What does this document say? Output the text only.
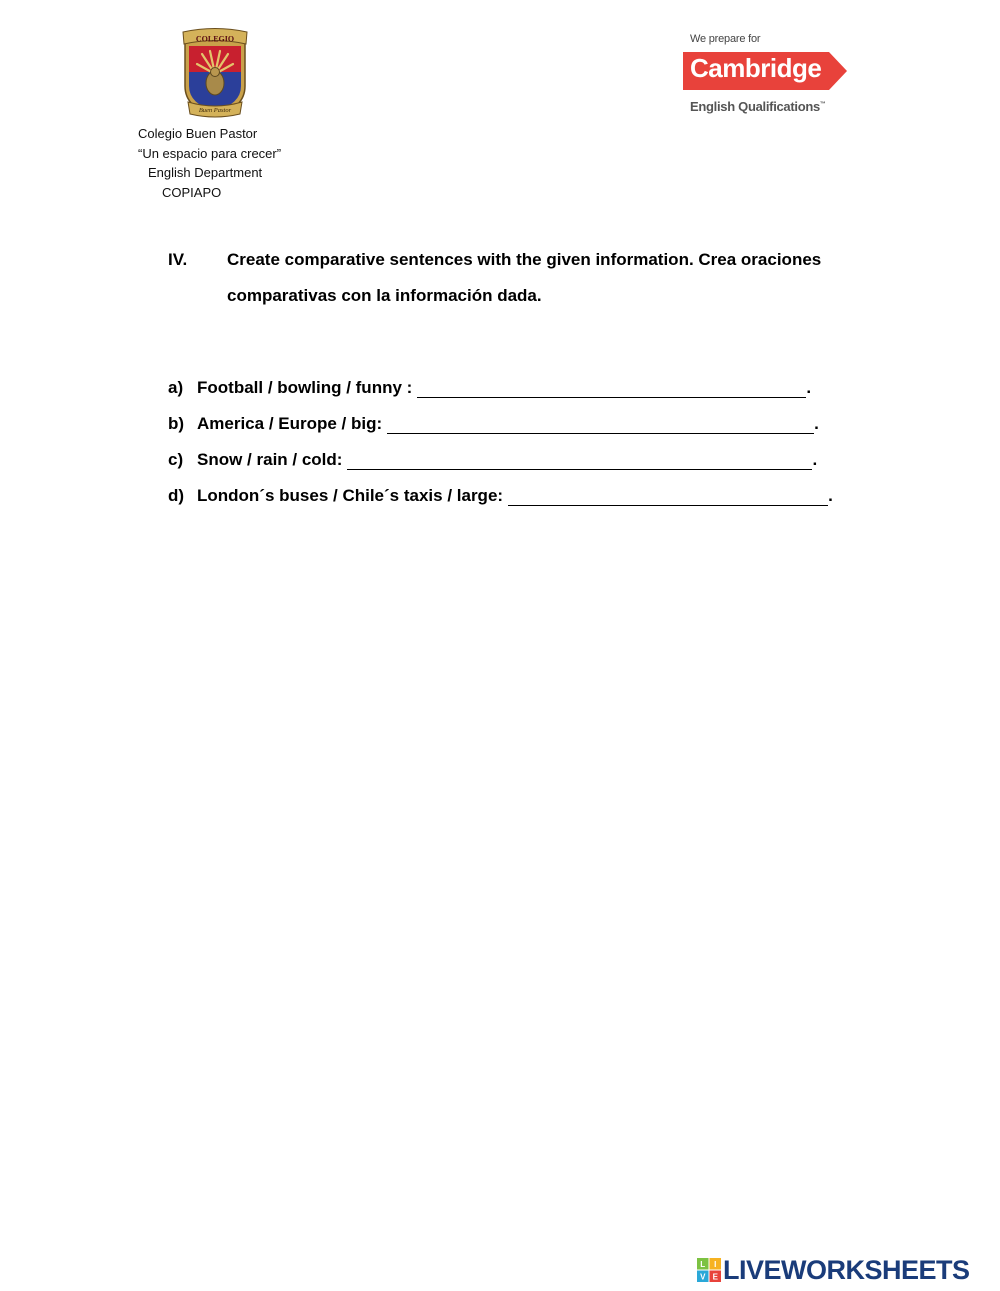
COLEGIO
Buen Pastor
Colegio Buen Pastor
“Un espacio para crecer”
English Department
COPIAPO
We prepare for
Cambridge
English Qualifications™
IV. Create comparative sentences with the given information. Crea oraciones comparativas con la información dada.
a) Football / bowling / funny :	.
b) America / Europe / big:	.
c) Snow / rain / cold:	.
d) London´s buses / Chile´s taxis / large:	.
L I
V E LIVEWORKSHEETS
